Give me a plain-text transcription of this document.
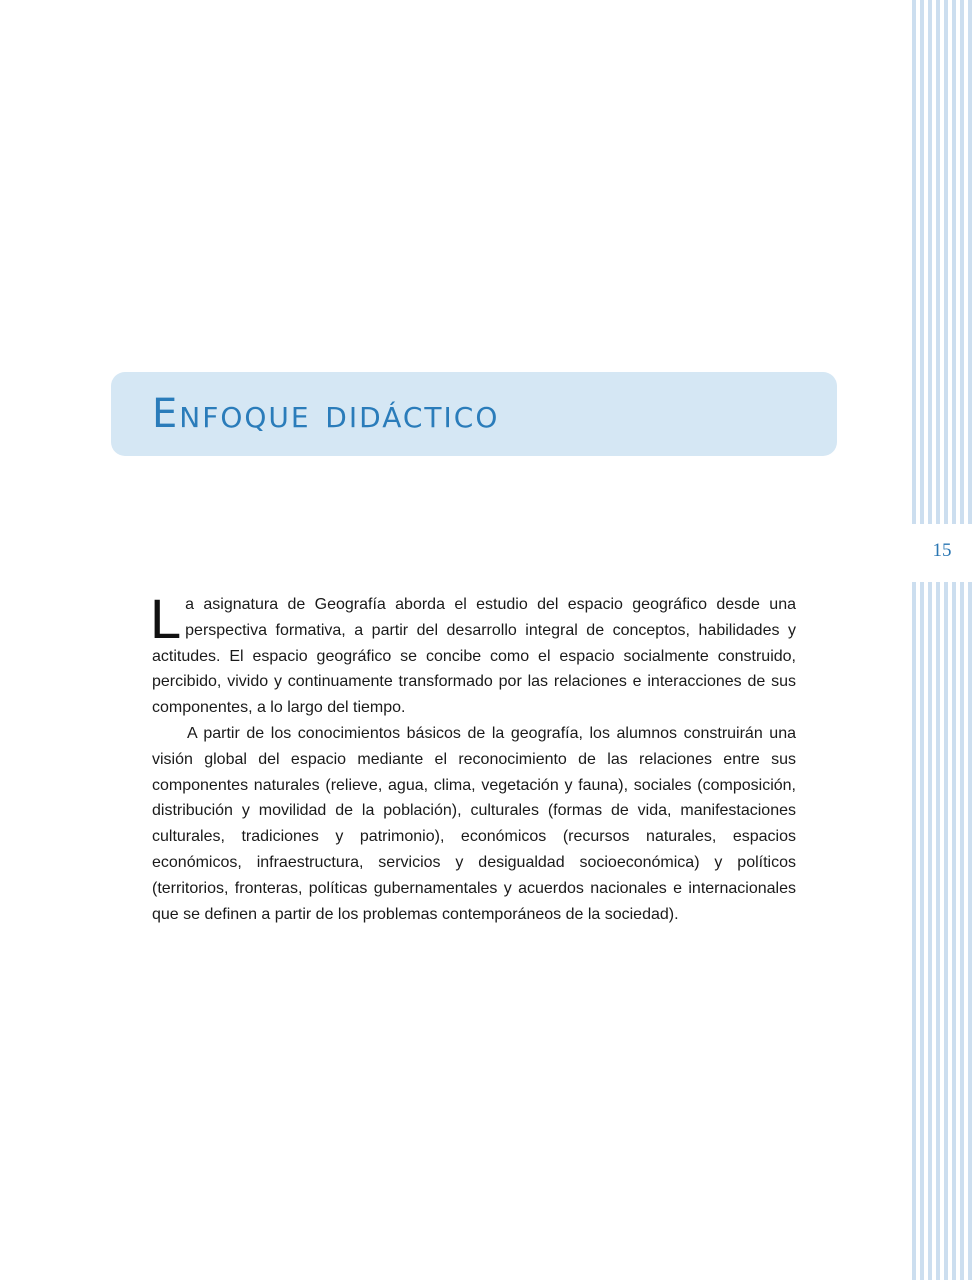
15
Enfoque didáctico

La asignatura de Geografía aborda el estudio del espacio geográfico desde una perspectiva formativa, a partir del desarrollo integral de conceptos, habilidades y actitudes. El espacio geográfico se concibe como el espacio socialmente construido, percibido, vivido y continuamente transformado por las relaciones e interacciones de sus componentes, a lo largo del tiempo.

A partir de los conocimientos básicos de la geografía, los alumnos construirán una visión global del espacio mediante el reconocimiento de las relaciones entre sus componentes naturales (relieve, agua, clima, vegetación y fauna), sociales (composición, distribución y movilidad de la población), culturales (formas de vida, manifestaciones culturales, tradiciones y patrimonio), económicos (recursos naturales, espacios económicos, infraestructura, servicios y desigualdad socioeconómica) y políticos (territorios, fronteras, políticas gubernamentales y acuerdos nacionales e internacionales que se definen a partir de los problemas contemporáneos de la sociedad).
